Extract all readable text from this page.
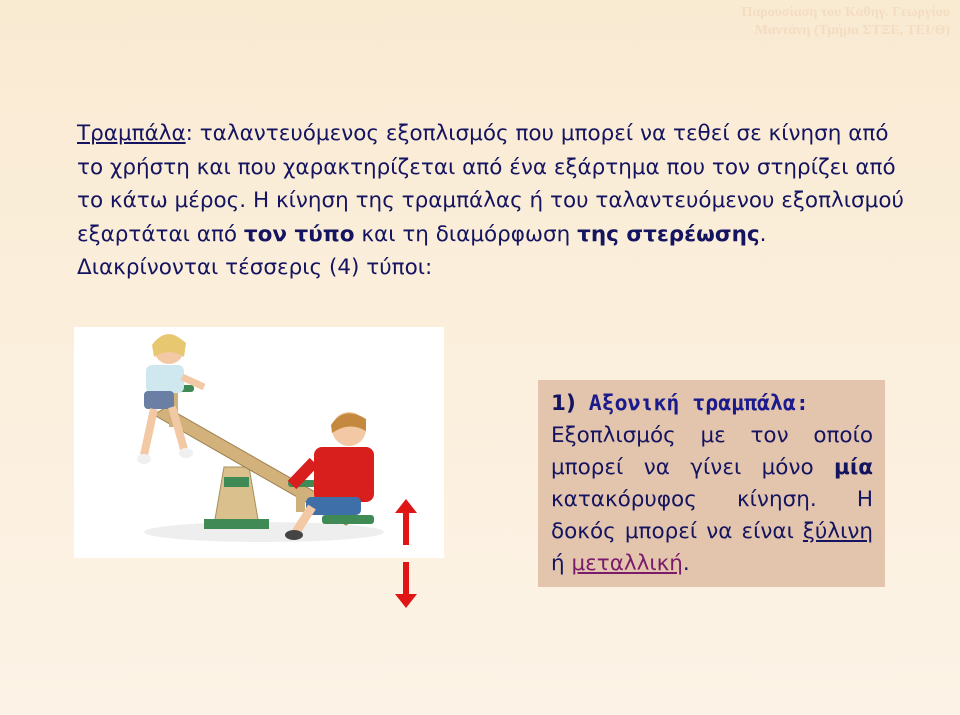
Παρουσίαση του Καθηγ. Γεωργίου
Μαντάνη (Τμήμα ΣΤΞΕ, ΤΕΙ/Θ)
Τραμπάλα: ταλαντευόμενος εξοπλισμός που μπορεί να τεθεί σε κίνηση από το χρήστη και που χαρακτηρίζεται από ένα εξάρτημα που τον στηρίζει από το κάτω μέρος. Η κίνηση της τραμπάλας ή του ταλαντευόμενου εξοπλισμού εξαρτάται από τον τύπο και τη διαμόρφωση της στερέωσης. Διακρίνονται τέσσερις (4) τύποι:
1) Αξονική τραμπάλα:
Εξοπλισμός με τον οποίο μπορεί να γίνει μόνο μία κατακόρυφος κίνηση. Η δοκός μπορεί να είναι ξύλινη ή μεταλλική.
